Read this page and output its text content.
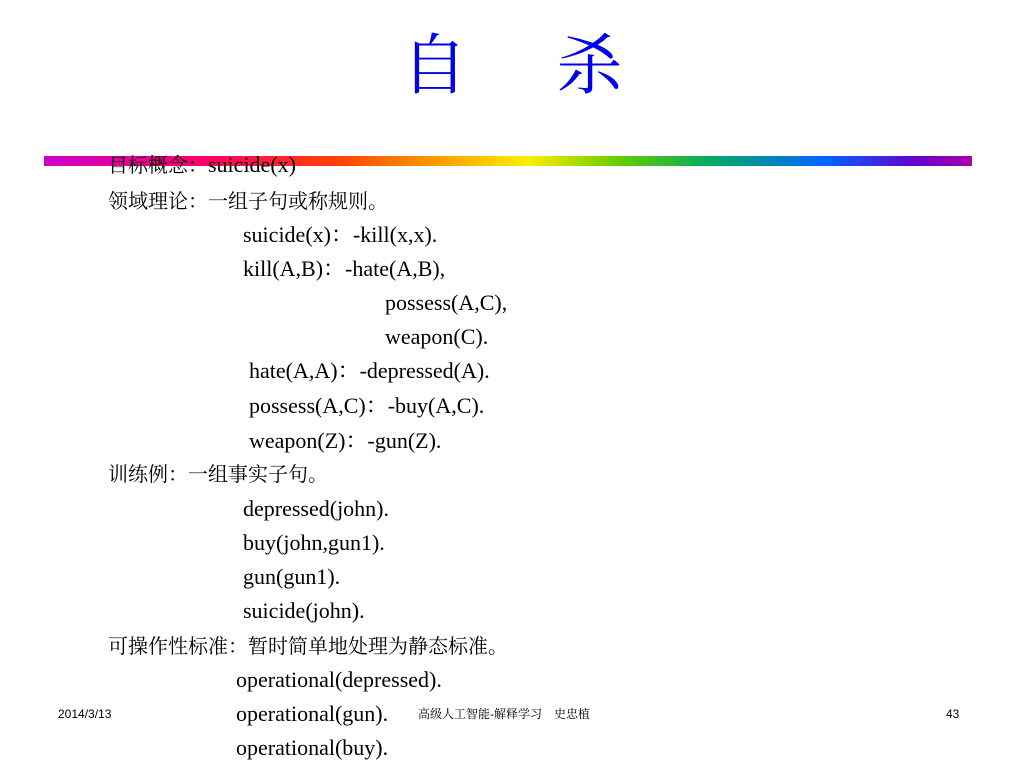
自 杀
目标概念：suicide(x)
领域理论：一组子句或称规则。
suicide(x)：-kill(x,x).
kill(A,B)：-hate(A,B),
possess(A,C),
weapon(C).
hate(A,A)：-depressed(A).
possess(A,C)：-buy(A,C).
weapon(Z)：-gun(Z).
训练例：一组事实子句。
depressed(john).
buy(john,gun1).
gun(gun1).
suicide(john).
可操作性标准：暂时简单地处理为静态标准。
operational(depressed).
operational(gun).
operational(buy).
2014/3/13	高级人工智能-解释学习　史忠植	43
